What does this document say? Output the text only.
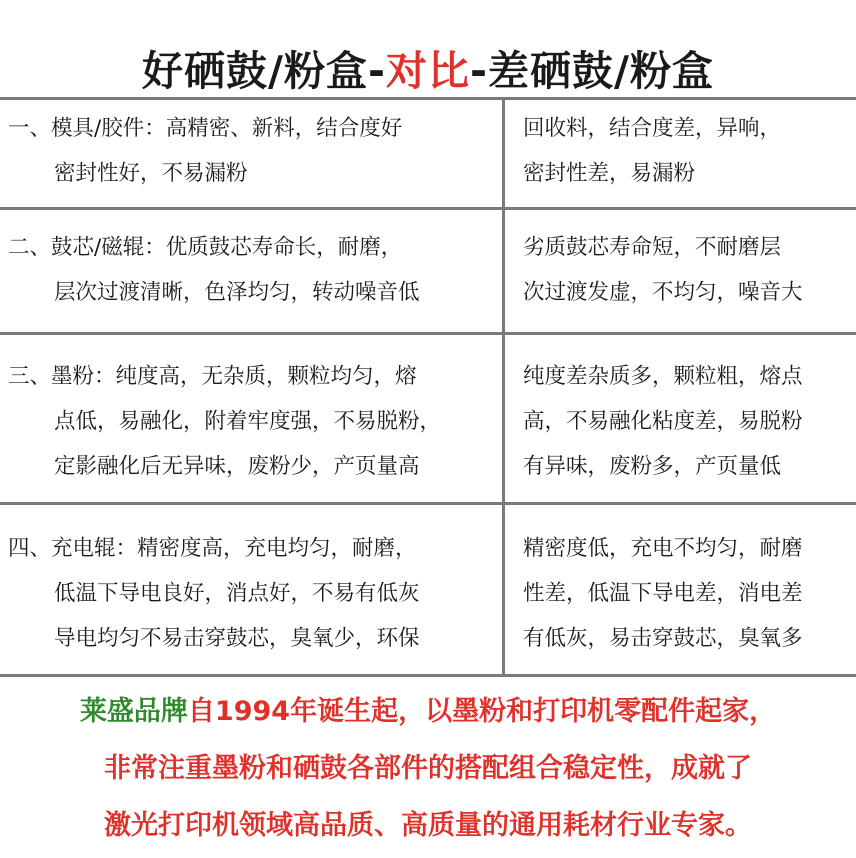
好硒鼓/粉盒-对比-差硒鼓/粉盒
一、模具/胶件：高精密、新料，结合度好
密封性好，不易漏粉
回收料，结合度差，异响，
密封性差，易漏粉
二、鼓芯/磁辊：优质鼓芯寿命长，耐磨，
层次过渡清晰，色泽均匀，转动噪音低
劣质鼓芯寿命短，不耐磨层
次过渡发虚，不均匀，噪音大
三、墨粉：纯度高，无杂质，颗粒均匀，熔
点低，易融化，附着牢度强，不易脱粉，
定影融化后无异味，废粉少，产页量高
纯度差杂质多，颗粒粗，熔点
高，不易融化粘度差，易脱粉
有异味，废粉多，产页量低
四、充电辊：精密度高，充电均匀，耐磨，
低温下导电良好，消点好，不易有低灰
导电均匀不易击穿鼓芯，臭氧少，环保
精密度低，充电不均匀，耐磨
性差，低温下导电差，消电差
有低灰，易击穿鼓芯，臭氧多
莱盛品牌自1994年诞生起，以墨粉和打印机零配件起家，
非常注重墨粉和硒鼓各部件的搭配组合稳定性，成就了
激光打印机领域高品质、高质量的通用耗材行业专家。
